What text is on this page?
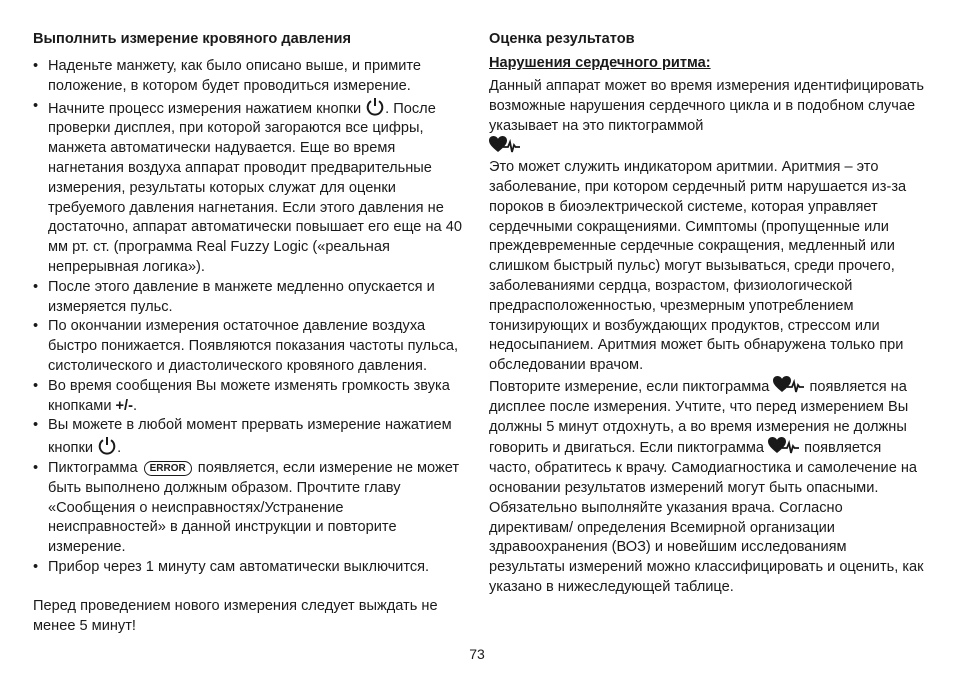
Выполнить измерение кровяного давления
• Наденьте манжету, как было описано выше, и примите положение, в котором будет проводиться измерение.
• Начните процесс измерения нажатием кнопки . После проверки дисплея, при которой загораются все цифры, манжета автоматически надувается. Еще во время нагнетания воздуха аппарат проводит предварительные измерения, результаты которых служат для оценки требуемого давления нагнетания. Если этого давления не достаточно, аппарат автоматически повышает его еще на 40 мм рт. ст. (программа Real Fuzzy Logic («реальная непрерывная логика»).
• После этого давление в манжете медленно опускается и измеряется пульс.
• По окончании измерения остаточное давление воздуха быстро понижается. Появляются показания частоты пульса, систолического и диастолического кровяного давления.
• Во время сообщения Вы можете изменять громкость звука кнопками +/-.
• Вы можете в любой момент прервать измерение нажатием кнопки .
• Пиктограмма ERROR появляется, если измерение не может быть выполнено должным образом. Прочтите главу «Сообщения о неисправностях/Устранение неисправностей» в данной инструкции и повторите измерение.
• Прибор через 1 минуту сам автоматически выключится.

Перед проведением нового измерения следует выждать не менее 5 минут!

Оценка результатов
Нарушения сердечного ритма:

Данный аппарат может во время измерения идентифицировать возможные нарушения сердечного цикла и в подобном случае указывает на это пиктограммой

Это может служить индикатором аритмии. Аритмия – это заболевание, при котором сердечный ритм нарушается из-за пороков в биоэлектрической системе, которая управляет сердечными сокращениями. Симптомы (пропущенные или преждевременные сердечные сокращения, медленный или слишком быстрый пульс) могут вызываться, среди прочего, заболеваниями сердца, возрастом, физиологической предрасположенностью, чрезмерным употреблением тонизирующих и возбуждающих продуктов, стрессом или недосыпанием. Аритмия может быть обнаружена только при обследовании врачом.

Повторите измерение, если пиктограмма  появляется на дисплее после измерения. Учтите, что перед измерением Вы должны 5 минут отдохнуть, а во время измерения не должны говорить и двигаться. Если пиктограмма  появляется часто, обратитесь к врачу. Самодиагностика и самолечение на основании результатов измерений могут быть опасными. Обязательно выполняйте указания врача. Согласно директивам/ определения Всемирной организации здравоохранения (ВОЗ) и новейшим исследованиям результаты измерений можно классифицировать и оценить, как указано в нижеследующей таблице.

73
